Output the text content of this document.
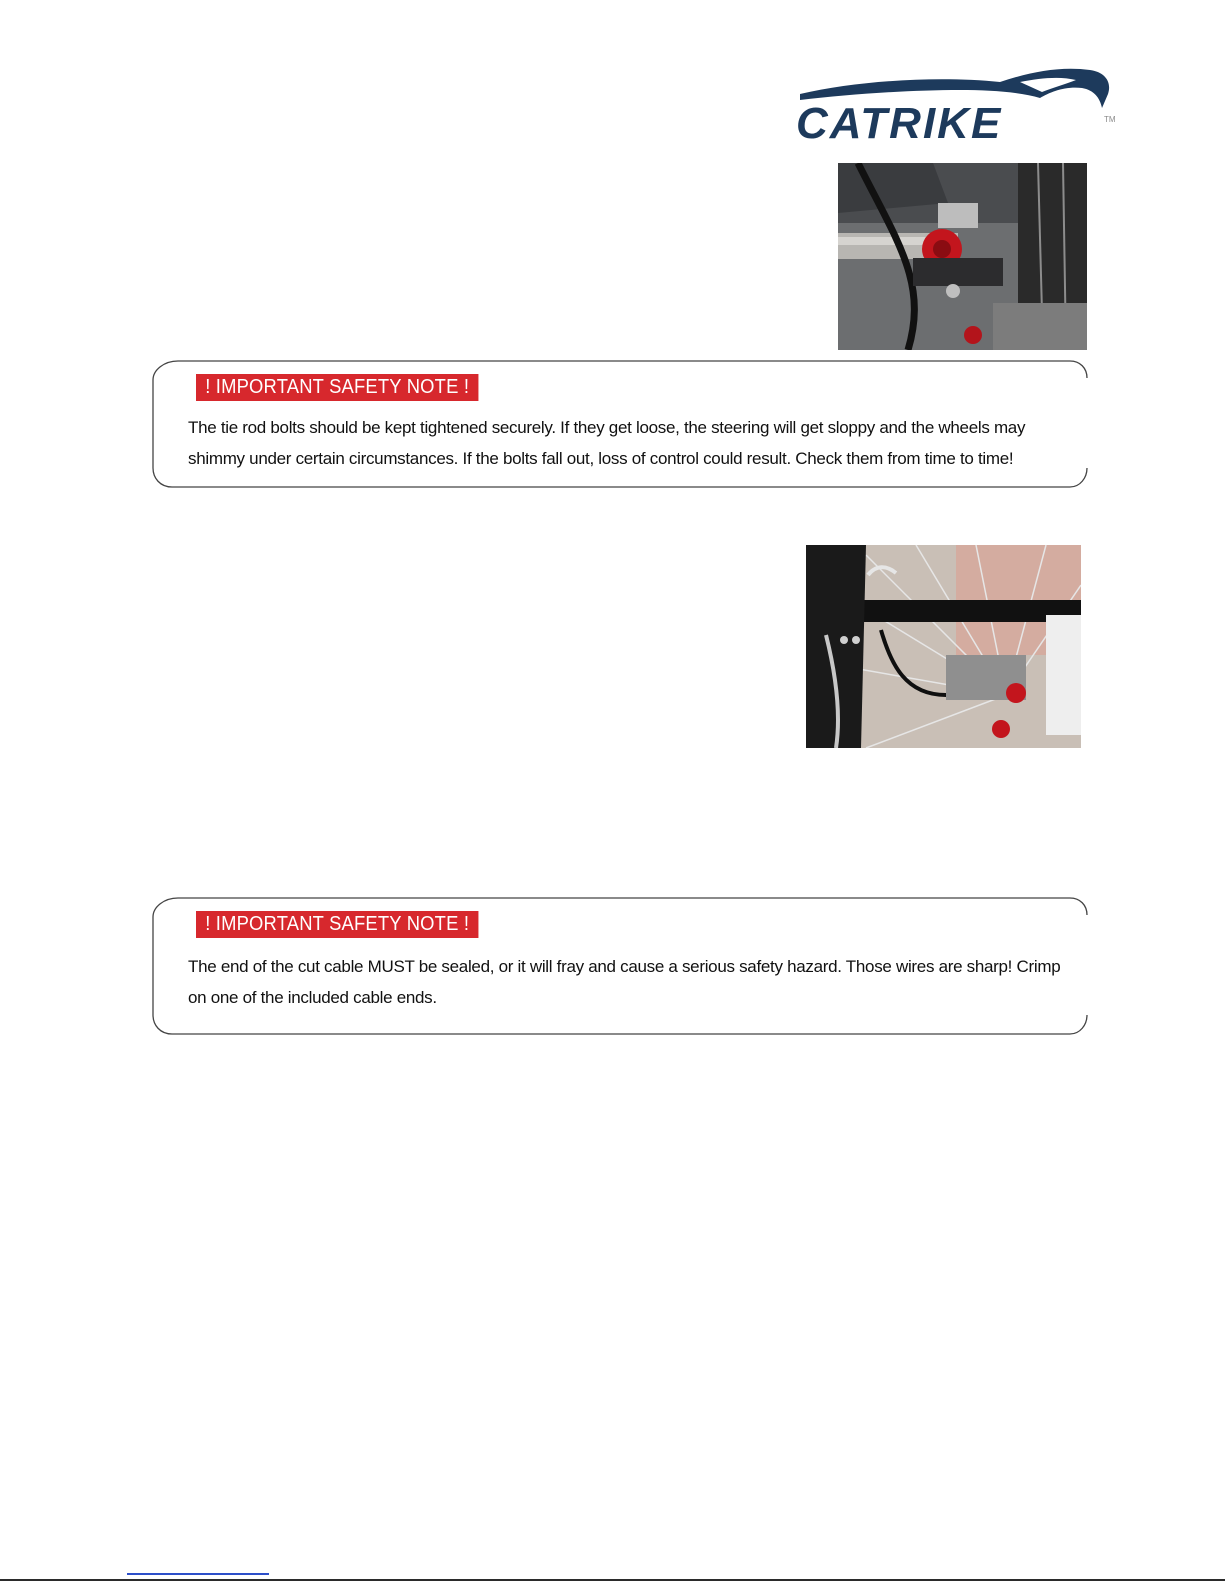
CATRIKE	TM
! IMPORTANT SAFETY NOTE !
The tie rod bolts should be kept tightened securely. If they get loose, the steering will get sloppy and the wheels may shimmy under certain circumstances. If the bolts fall out, loss of control could result. Check them from time to time!
! IMPORTANT SAFETY NOTE !
The end of the cut cable MUST be sealed, or it will fray and cause a serious safety hazard. Those wires are sharp! Crimp on one of the included cable ends.
